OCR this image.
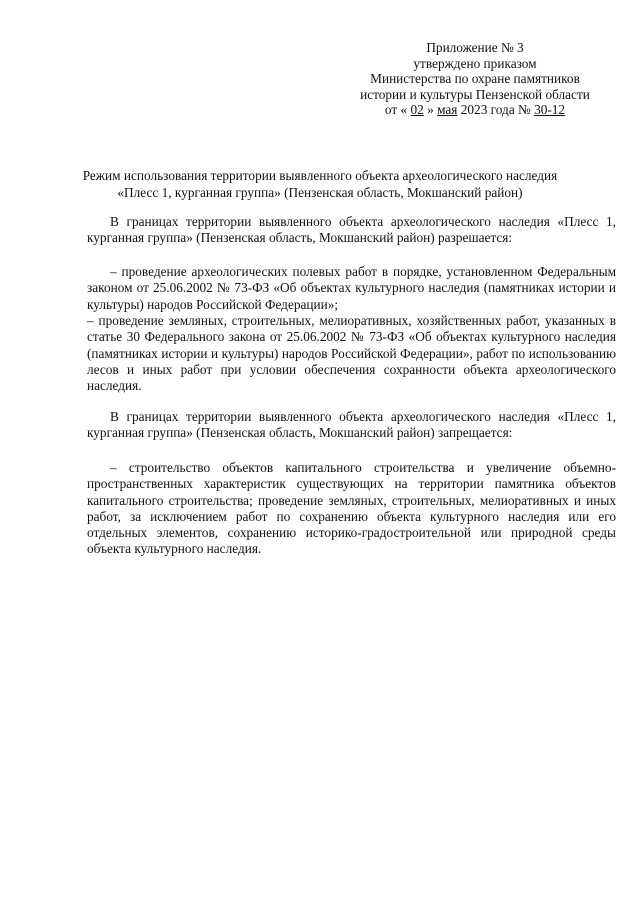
Приложение № 3
утверждено приказом
Министерства по охране памятников
истории и культуры Пензенской области
от « 02 » мая 2023 года № 30-12
Режим использования территории выявленного объекта археологического наследия
«Плесс 1, курганная группа» (Пензенская область, Мокшанский район)

В границах территории выявленного объекта археологического наследия «Плесс 1, курганная группа» (Пензенская область, Мокшанский район) разрешается:

– проведение археологических полевых работ в порядке, установленном Федеральным законом от 25.06.2002 № 73-ФЗ «Об объектах культурного наследия (памятниках истории и культуры) народов Российской Федерации»;

– проведение земляных, строительных, мелиоративных, хозяйственных работ, указанных в статье 30 Федерального закона от 25.06.2002 № 73-ФЗ «Об объектах культурного наследия (памятниках истории и культуры) народов Российской Федерации», работ по использованию лесов и иных работ при условии обеспечения сохранности объекта археологического наследия.

В границах территории выявленного объекта археологического наследия «Плесс 1, курганная группа» (Пензенская область, Мокшанский район) запрещается:

– строительство объектов капитального строительства и увеличение объемно-пространственных характеристик существующих на территории памятника объектов капитального строительства; проведение земляных, строительных, мелиоративных и иных работ, за исключением работ по сохранению объекта культурного наследия или его отдельных элементов, сохранению историко-градостроительной или природной среды объекта культурного наследия.
